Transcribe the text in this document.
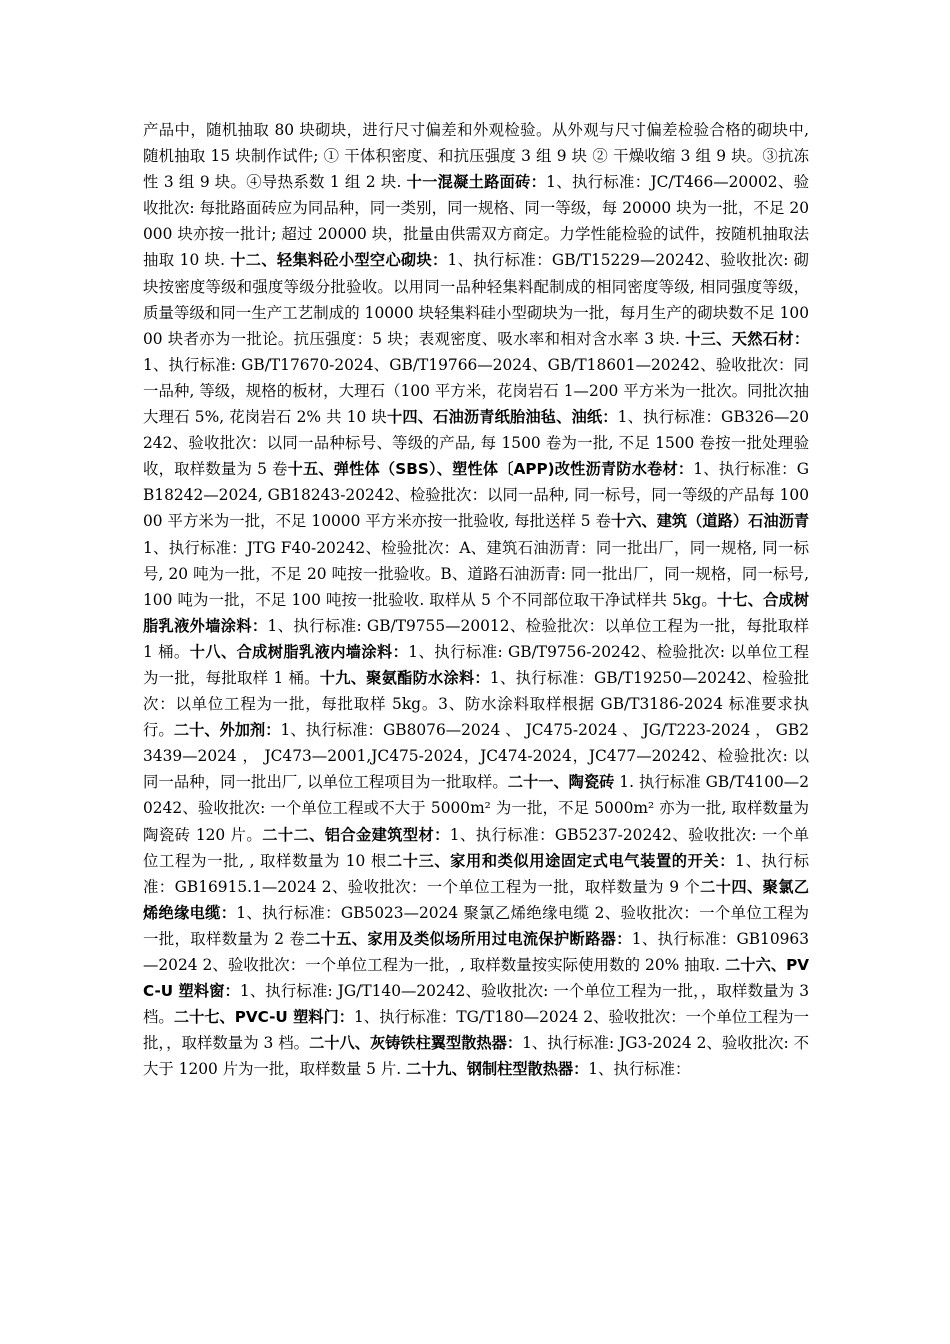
产品中，随机抽取 80 块砌块，进行尺寸偏差和外观检验。从外观与尺寸偏差检验合格的砌块中, 随机抽取 15 块制作试件; ① 干体积密度、和抗压强度 3 组 9 块 ② 干燥收缩 3 组 9 块。③抗冻性 3 组 9 块。④导热系数 1 组 2 块. 十一混凝土路面砖：1、执行标准：JC/T466—20002、验收批次: 每批路面砖应为同品种，同一类别，同一规格、同一等级，每 20000 块为一批，不足 20000 块亦按一批计; 超过 20000 块，批量由供需双方商定。力学性能检验的试件，按随机抽取法抽取 10 块. 十二、轻集料砼小型空心砌块：1、执行标准：GB/T15229—20242、验收批次: 砌块按密度等级和强度等级分批验收。以用同一品种轻集料配制成的相同密度等级, 相同强度等级，质量等级和同一生产工艺制成的 10000 块轻集料硅小型砌块为一批，每月生产的砌块数不足 10000 块者亦为一批论。抗压强度：5 块；表观密度、吸水率和相对含水率 3 块. 十三、天然石材：1、执行标准: GB/T17670-2024、GB/T19766—2024、GB/T18601—20242、验收批次：同一品种, 等级，规格的板材，大理石（100 平方米，花岗岩石 1—200 平方米为一批次。同批次抽大理石 5%, 花岗岩石 2% 共 10 块十四、石油沥青纸胎油毡、油纸：1、执行标准：GB326—20242、验收批次：以同一品种标号、等级的产品, 每 1500 卷为一批, 不足 1500 卷按一批处理验收，取样数量为 5 卷十五、弹性体（SBS）、塑性体〔APP)改性沥青防水卷材：1、执行标准：GB18242—2024, GB18243-20242、检验批次：以同一品种, 同一标号，同一等级的产品每 10000 平方米为一批，不足 10000 平方米亦按一批验收, 每批送样 5 卷十六、建筑（道路）石油沥青 1、执行标准：JTG F40-20242、检验批次：A、建筑石油沥青：同一批出厂，同一规格, 同一标号, 20 吨为一批，不足 20 吨按一批验收。B、道路石油沥青: 同一批出厂，同一规格，同一标号, 100 吨为一批，不足 100 吨按一批验收. 取样从 5 个不同部位取干净试样共 5kg。十七、合成树脂乳液外墙涂料：1、执行标准: GB/T9755—20012、检验批次：以单位工程为一批，每批取样 1 桶。十八、合成树脂乳液内墙涂料：1、执行标准: GB/T9756-20242、检验批次: 以单位工程为一批，每批取样 1 桶。十九、聚氨酯防水涂料：1、执行标准：GB/T19250—20242、检验批次：以单位工程为一批，每批取样 5kg。3、防水涂料取样根据 GB/T3186-2024 标准要求执行。二十、外加剂：1、执行标准：GB8076—2024 、 JC475-2024 、 JG/T223-2024 ， GB23439—2024 ， JC473—2001,JC475-2024，JC474-2024，JC477—20242、检验批次: 以同一品种，同一批出厂, 以单位工程项目为一批取样。二十一、陶瓷砖 1. 执行标准 GB/T4100—20242、验收批次: 一个单位工程或不大于 5000m² 为一批，不足 5000m² 亦为一批, 取样数量为陶瓷砖 120 片。二十二、铝合金建筑型材：1、执行标准：GB5237-20242、验收批次: 一个单位工程为一批, , 取样数量为 10 根二十三、家用和类似用途固定式电气装置的开关：1、执行标准：GB16915.1—2024 2、验收批次：一个单位工程为一批，取样数量为 9 个二十四、聚氯乙烯绝缘电缆：1、执行标准：GB5023—2024 聚氯乙烯绝缘电缆 2、验收批次：一个单位工程为一批，取样数量为 2 卷二十五、家用及类似场所用过电流保护断路器：1、执行标准：GB10963—2024 2、验收批次：一个单位工程为一批，, 取样数量按实际使用数的 20% 抽取. 二十六、PVC-U 塑料窗：1、执行标准: JG/T140—20242、验收批次: 一个单位工程为一批，，取样数量为 3 档。二十七、PVC-U 塑料门：1、执行标准：TG/T180—2024 2、验收批次：一个单位工程为一批，，取样数量为 3 档。二十八、灰铸铁柱翼型散热器：1、执行标准: JG3-2024 2、验收批次: 不大于 1200 片为一批，取样数量 5 片. 二十九、钢制柱型散热器：1、执行标准：
